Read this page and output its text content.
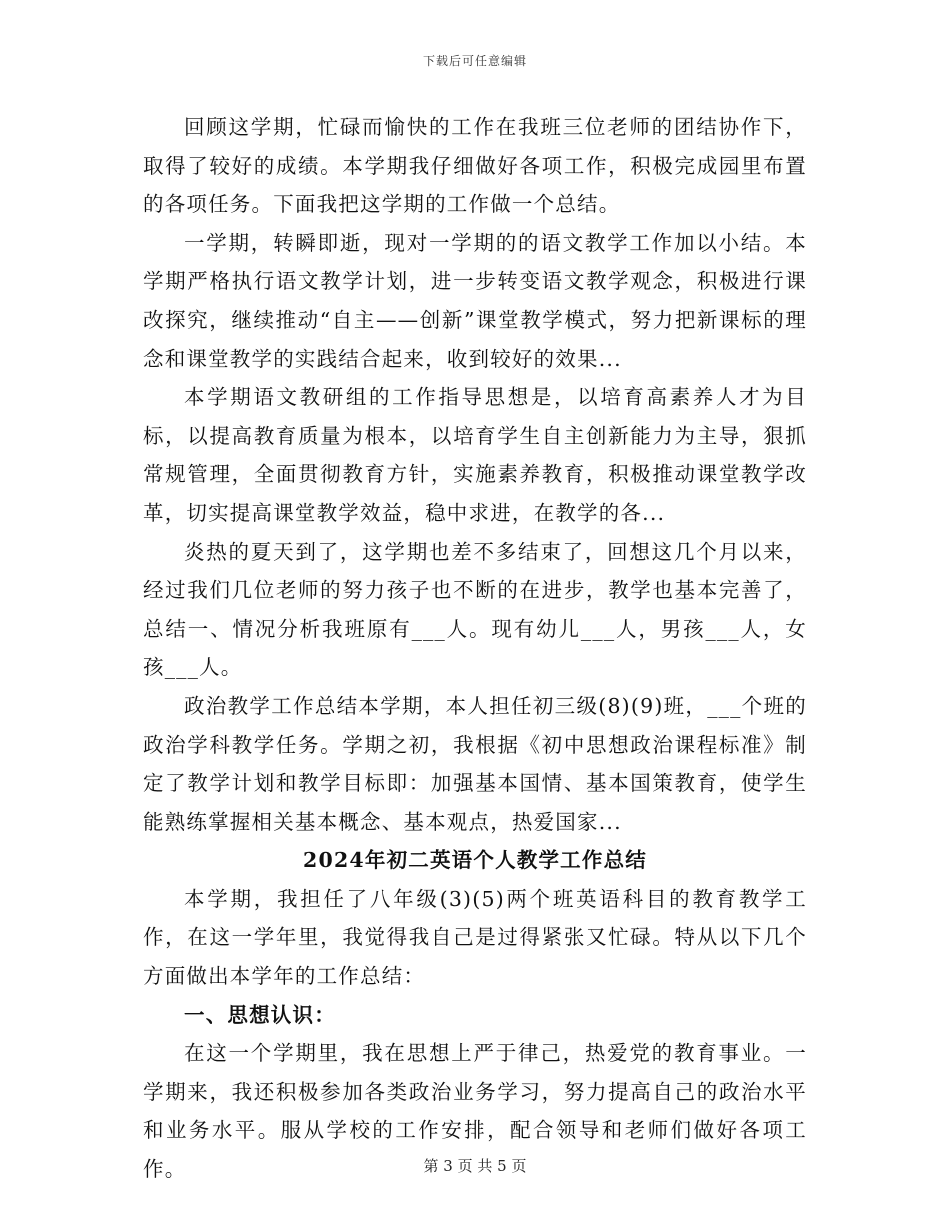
下载后可任意编辑

回顾这学期，忙碌而愉快的工作在我班三位老师的团结协作下，取得了较好的成绩。本学期我仔细做好各项工作，积极完成园里布置的各项任务。下面我把这学期的工作做一个总结。

一学期，转瞬即逝，现对一学期的的语文教学工作加以小结。本学期严格执行语文教学计划，进一步转变语文教学观念，积极进行课改探究，继续推动“自主——创新”课堂教学模式，努力把新课标的理念和课堂教学的实践结合起来，收到较好的效果...

本学期语文教研组的工作指导思想是，以培育高素养人才为目标，以提高教育质量为根本，以培育学生自主创新能力为主导，狠抓常规管理，全面贯彻教育方针，实施素养教育，积极推动课堂教学改革，切实提高课堂教学效益，稳中求进，在教学的各...

炎热的夏天到了，这学期也差不多结束了，回想这几个月以来，经过我们几位老师的努力孩子也不断的在进步，教学也基本完善了，总结一、情况分析我班原有___人。现有幼儿___人，男孩___人，女孩___人。

政治教学工作总结本学期，本人担任初三级(8)(9)班，___个班的政治学科教学任务。学期之初，我根据《初中思想政治课程标准》制定了教学计划和教学目标即：加强基本国情、基本国策教育，使学生能熟练掌握相关基本概念、基本观点，热爱国家...

2024年初二英语个人教学工作总结

本学期，我担任了八年级(3)(5)两个班英语科目的教育教学工作，在这一学年里，我觉得我自己是过得紧张又忙碌。特从以下几个方面做出本学年的工作总结：

一、思想认识：

在这一个学期里，我在思想上严于律己，热爱党的教育事业。一学期来，我还积极参加各类政治业务学习，努力提高自己的政治水平和业务水平。服从学校的工作安排，配合领导和老师们做好各项工作。	第 3 页 共 5 页
